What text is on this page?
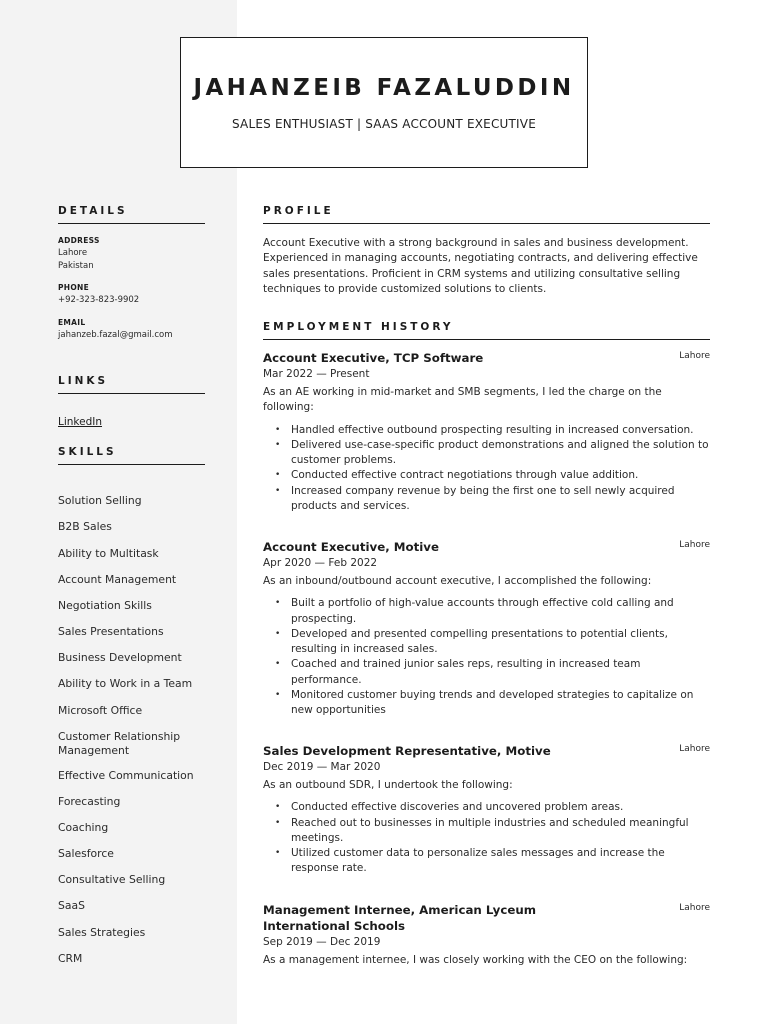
JAHANZEIB FAZALUDDIN
SALES ENTHUSIAST | SAAS ACCOUNT EXECUTIVE
DETAILS
ADDRESS
Lahore
Pakistan
PHONE
+92-323-823-9902
EMAIL
jahanzeb.fazal@gmail.com
LINKS
LinkedIn
SKILLS
Solution Selling
B2B Sales
Ability to Multitask
Account Management
Negotiation Skills
Sales Presentations
Business Development
Ability to Work in a Team
Microsoft Office
Customer Relationship Management
Effective Communication
Forecasting
Coaching
Salesforce
Consultative Selling
SaaS
Sales Strategies
CRM
PROFILE
Account Executive with a strong background in sales and business development. Experienced in managing accounts, negotiating contracts, and delivering effective sales presentations. Proficient in CRM systems and utilizing consultative selling techniques to provide customized solutions to clients.
EMPLOYMENT HISTORY
Account Executive, TCP Software	Lahore
Mar 2022 — Present
As an AE working in mid-market and SMB segments, I led the charge on the following:
• Handled effective outbound prospecting resulting in increased conversation.
• Delivered use-case-specific product demonstrations and aligned the solution to customer problems.
• Conducted effective contract negotiations through value addition.
• Increased company revenue by being the first one to sell newly acquired products and services.
Account Executive, Motive	Lahore
Apr 2020 — Feb 2022
As an inbound/outbound account executive, I accomplished the following:
• Built a portfolio of high-value accounts through effective cold calling and prospecting.
• Developed and presented compelling presentations to potential clients, resulting in increased sales.
• Coached and trained junior sales reps, resulting in increased team performance.
• Monitored customer buying trends and developed strategies to capitalize on new opportunities
Sales Development Representative, Motive	Lahore
Dec 2019 — Mar 2020
As an outbound SDR, I undertook the following:
• Conducted effective discoveries and uncovered problem areas.
• Reached out to businesses in multiple industries and scheduled meaningful meetings.
• Utilized customer data to personalize sales messages and increase the response rate.
Management Internee, American Lyceum International Schools
Lahore
Sep 2019 — Dec 2019
As a management internee, I was closely working with the CEO on the following:
